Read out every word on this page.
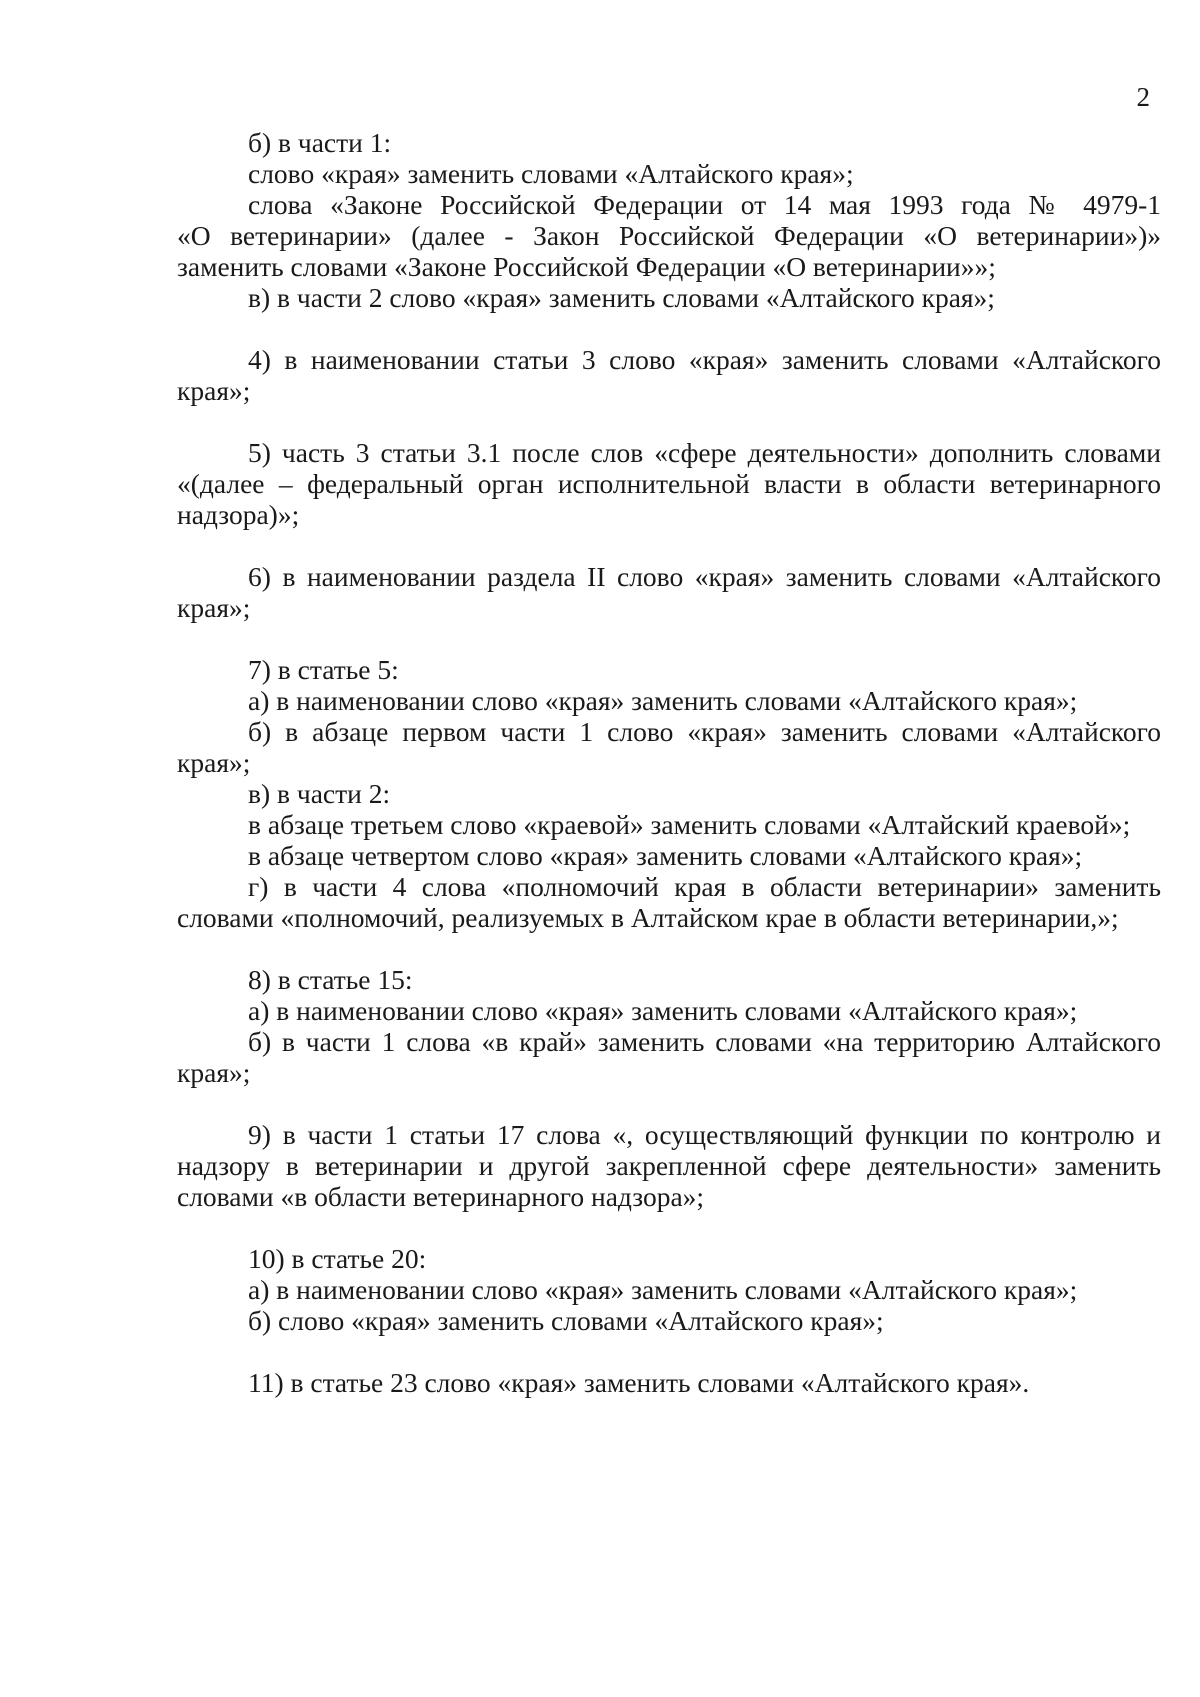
2
б) в части 1:
слово «края» заменить словами «Алтайского края»;
слова «Законе Российской Федерации от 14 мая 1993 года № 4979-1
«О ветеринарии» (далее - Закон Российской Федерации «О ветеринарии»)»
заменить словами «Законе Российской Федерации «О ветеринарии»»;
в) в части 2 слово «края» заменить словами «Алтайского края»;
4) в наименовании статьи 3 слово «края» заменить словами «Алтайского
края»;
5) часть 3 статьи 3.1 после слов «сфере деятельности» дополнить словами
«(далее – федеральный орган исполнительной власти в области ветеринарного
надзора)»;
6) в наименовании раздела II слово «края» заменить словами «Алтайского
края»;
7) в статье 5:
а) в наименовании слово «края» заменить словами «Алтайского края»;
б) в абзаце первом части 1 слово «края» заменить словами «Алтайского
края»;
в) в части 2:
в абзаце третьем слово «краевой» заменить словами «Алтайский краевой»;
в абзаце четвертом слово «края» заменить словами «Алтайского края»;
г) в части 4 слова «полномочий края в области ветеринарии» заменить
словами «полномочий, реализуемых в Алтайском крае в области ветеринарии,»;
8) в статье 15:
а) в наименовании слово «края» заменить словами «Алтайского края»;
б) в части 1 слова «в край» заменить словами «на территорию Алтайского
края»;
9) в части 1 статьи 17 слова «, осуществляющий функции по контролю и
надзору в ветеринарии и другой закрепленной сфере деятельности» заменить
словами «в области ветеринарного надзора»;
10) в статье 20:
а) в наименовании слово «края» заменить словами «Алтайского края»;
б) слово «края» заменить словами «Алтайского края»;
11) в статье 23 слово «края» заменить словами «Алтайского края».
